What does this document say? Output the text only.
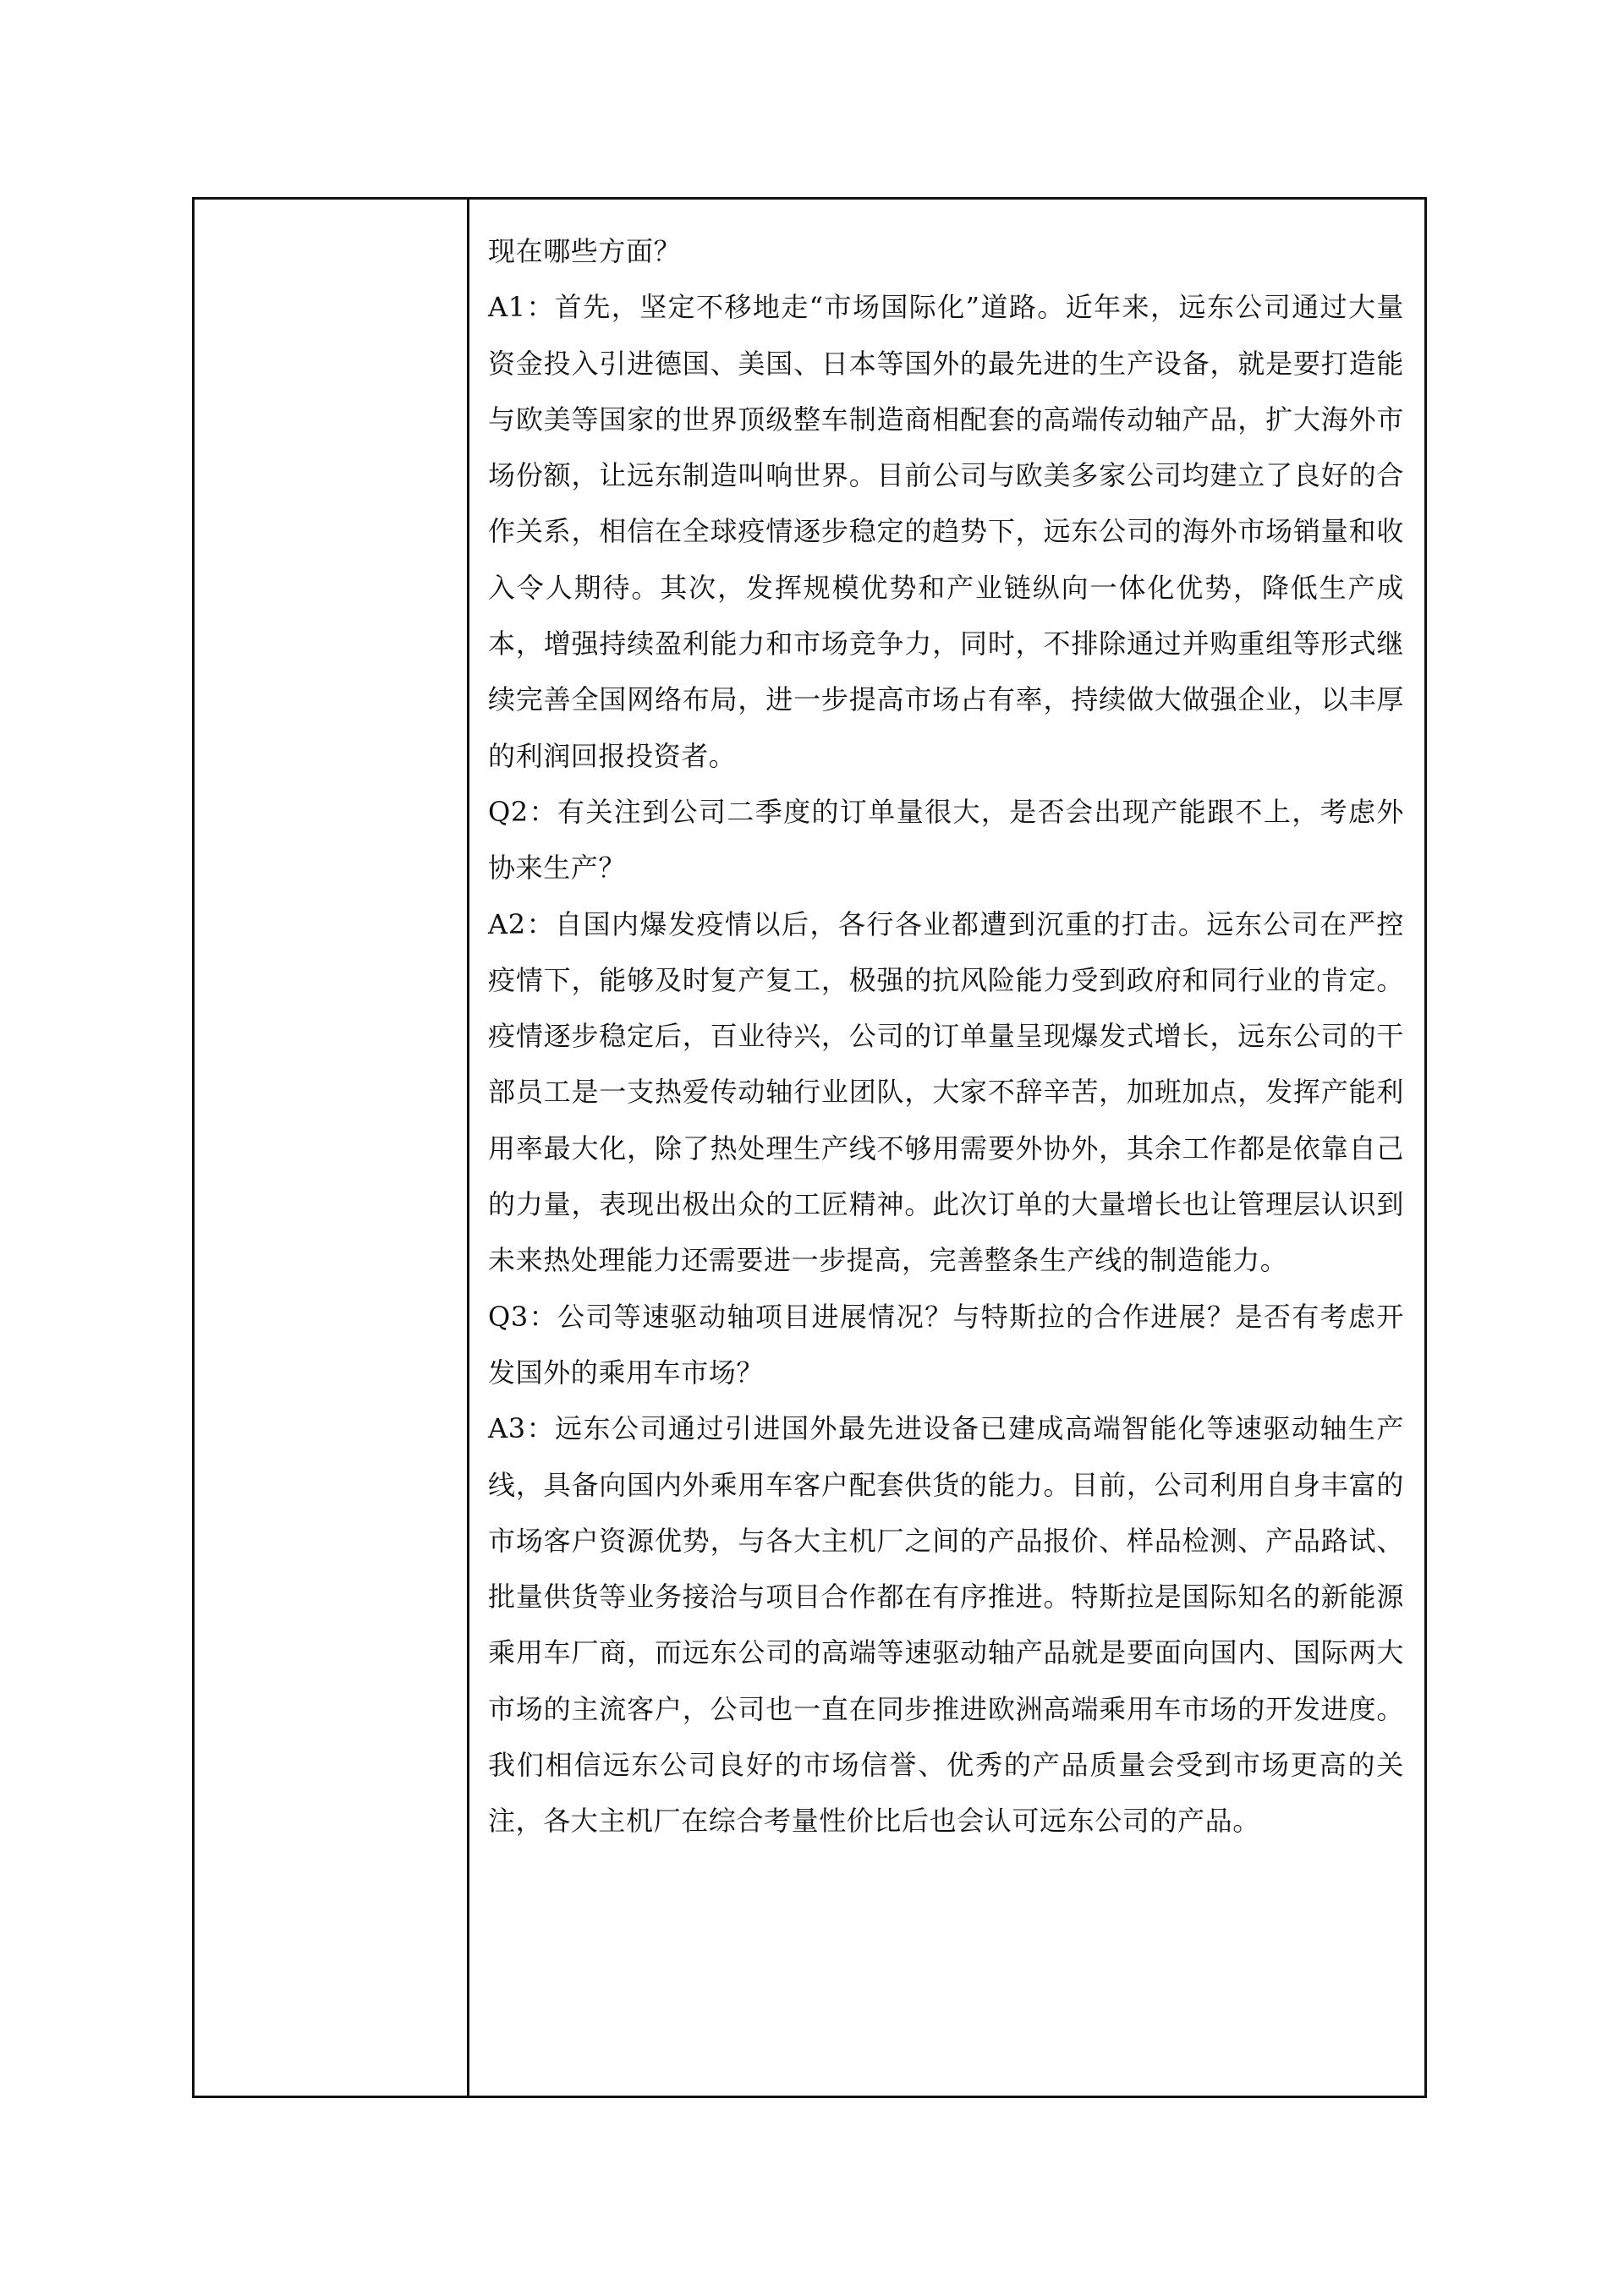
现在哪些方面？

A1：首先，坚定不移地走“市场国际化”道路。近年来，远东公司通过大量资金投入引进德国、美国、日本等国外的最先进的生产设备，就是要打造能与欧美等国家的世界顶级整车制造商相配套的高端传动轴产品，扩大海外市场份额，让远东制造叫响世界。目前公司与欧美多家公司均建立了良好的合作关系，相信在全球疫情逐步稳定的趋势下，远东公司的海外市场销量和收入令人期待。其次，发挥规模优势和产业链纵向一体化优势，降低生产成本，增强持续盈利能力和市场竞争力，同时，不排除通过并购重组等形式继续完善全国网络布局，进一步提高市场占有率，持续做大做强企业，以丰厚的利润回报投资者。

Q2：有关注到公司二季度的订单量很大，是否会出现产能跟不上，考虑外协来生产？

A2：自国内爆发疫情以后，各行各业都遭到沉重的打击。远东公司在严控疫情下，能够及时复产复工，极强的抗风险能力受到政府和同行业的肯定。疫情逐步稳定后，百业待兴，公司的订单量呈现爆发式增长，远东公司的干部员工是一支热爱传动轴行业团队，大家不辞辛苦，加班加点，发挥产能利用率最大化，除了热处理生产线不够用需要外协外，其余工作都是依靠自己的力量，表现出极出众的工匠精神。此次订单的大量增长也让管理层认识到未来热处理能力还需要进一步提高，完善整条生产线的制造能力。

Q3：公司等速驱动轴项目进展情况？与特斯拉的合作进展？是否有考虑开发国外的乘用车市场？

A3：远东公司通过引进国外最先进设备已建成高端智能化等速驱动轴生产线，具备向国内外乘用车客户配套供货的能力。目前，公司利用自身丰富的市场客户资源优势，与各大主机厂之间的产品报价、样品检测、产品路试、批量供货等业务接洽与项目合作都在有序推进。特斯拉是国际知名的新能源乘用车厂商，而远东公司的高端等速驱动轴产品就是要面向国内、国际两大市场的主流客户，公司也一直在同步推进欧洲高端乘用车市场的开发进度。我们相信远东公司良好的市场信誉、优秀的产品质量会受到市场更高的关注，各大主机厂在综合考量性价比后也会认可远东公司的产品。
